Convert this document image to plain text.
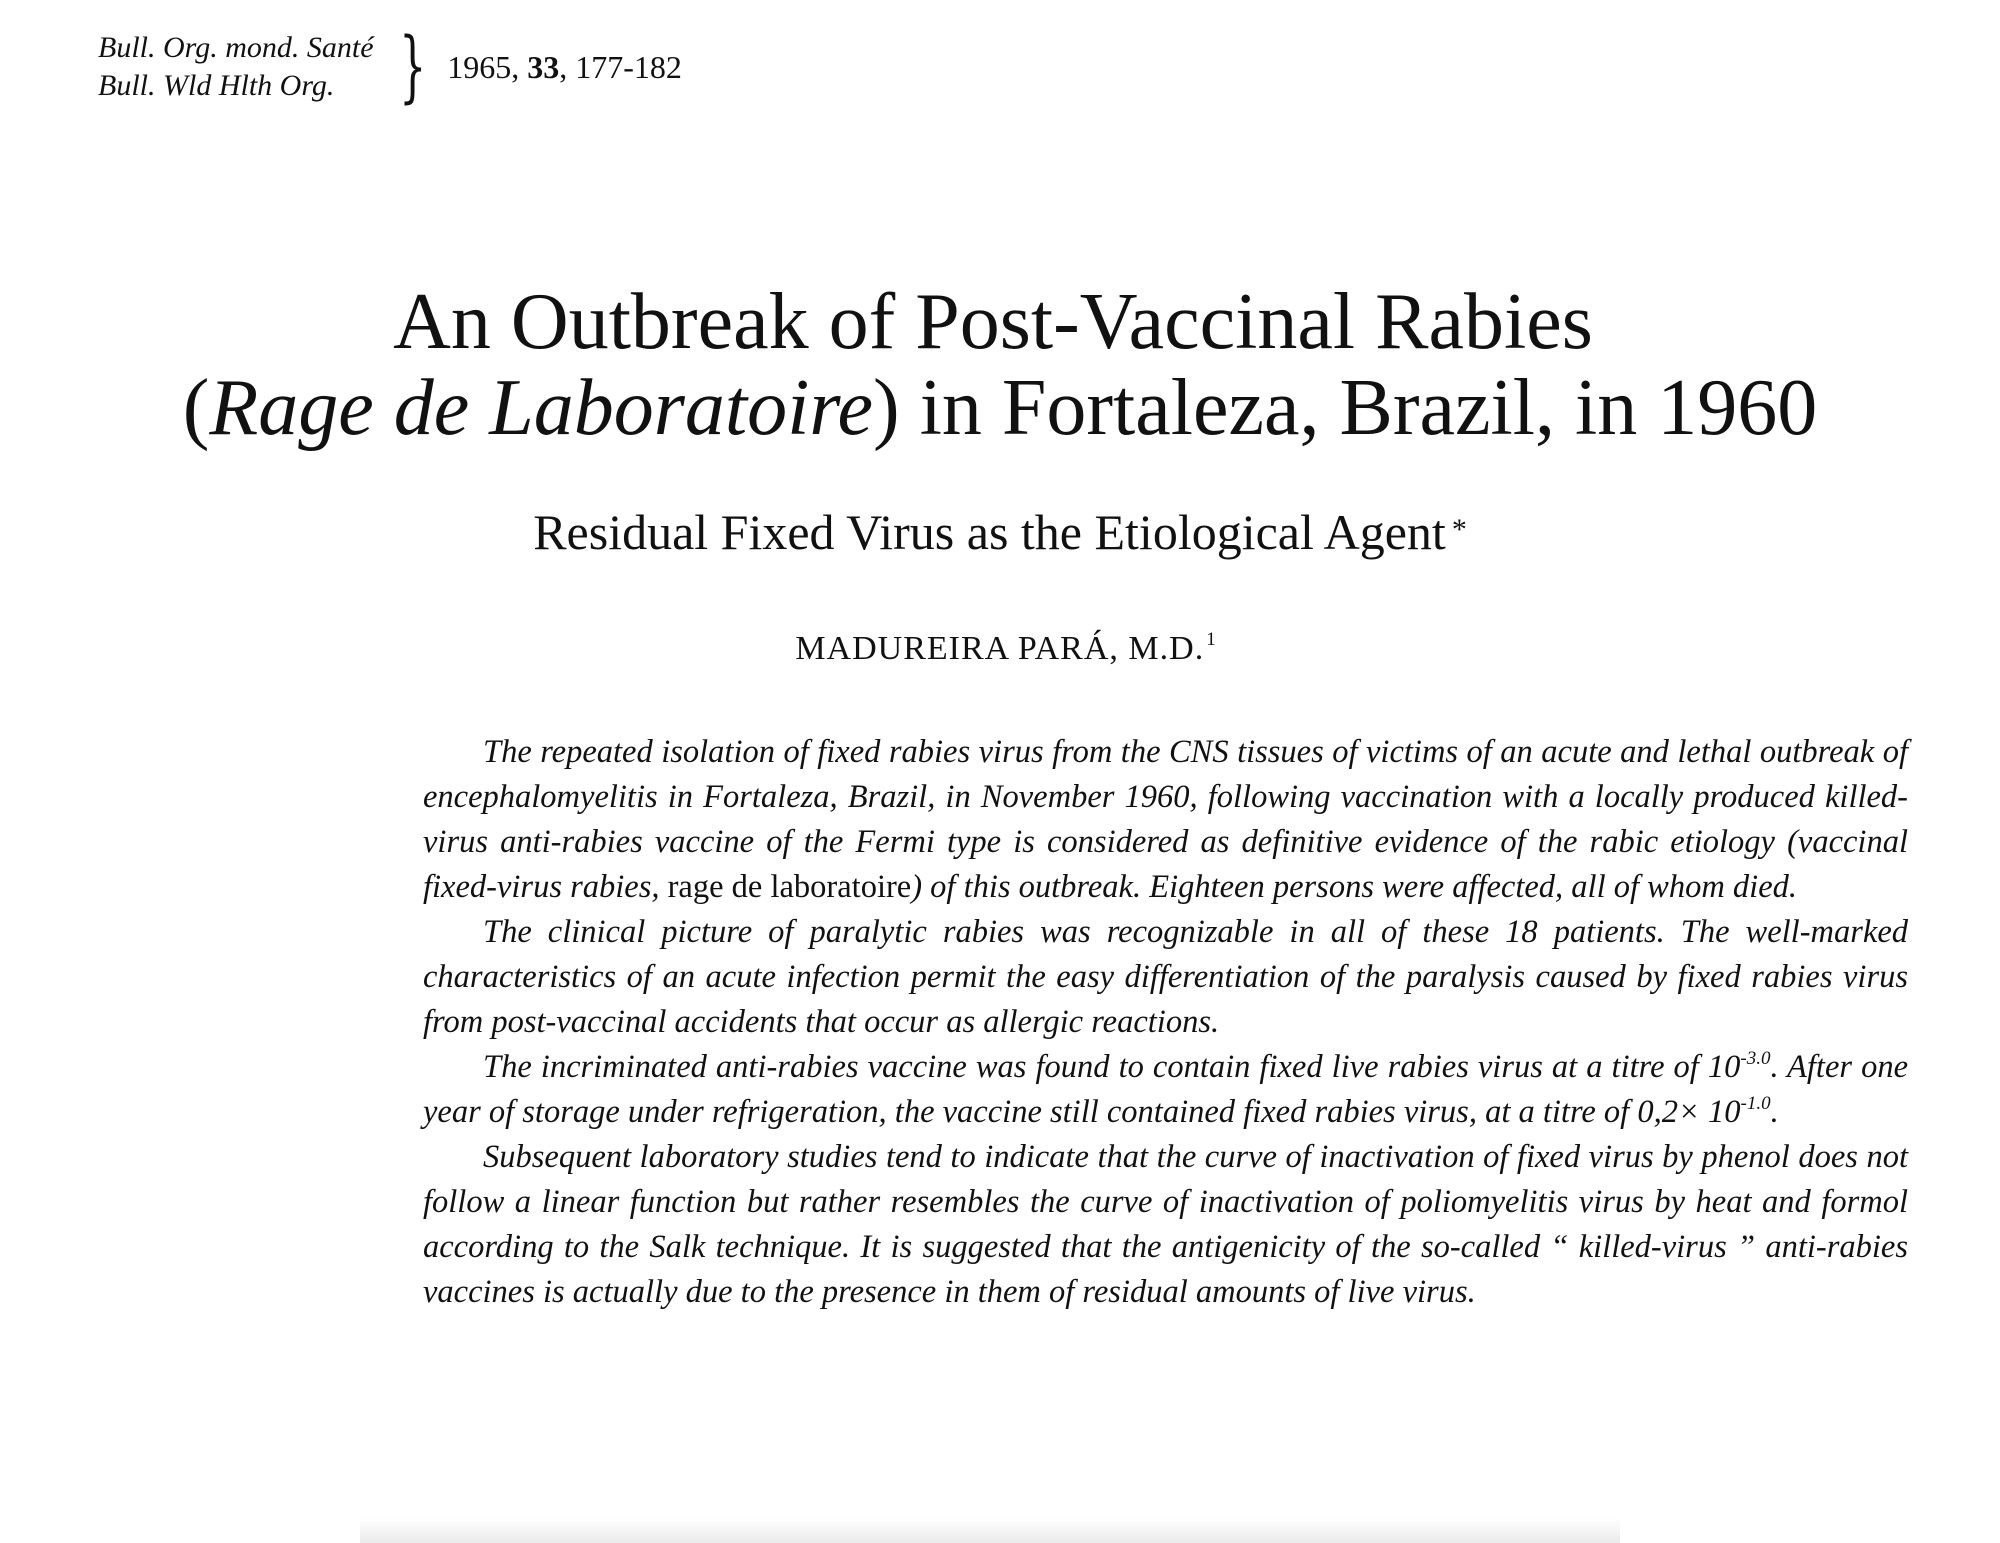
Bull. Org. mond. Santé
Bull. Wld Hlth Org. } 1965, 33, 177-182
An Outbreak of Post-Vaccinal Rabies
(Rage de Laboratoire) in Fortaleza, Brazil, in 1960
Residual Fixed Virus as the Etiological Agent *
MADUREIRA PARÁ, M.D. $^1$

The repeated isolation of fixed rabies virus from the CNS tissues of victims of an acute and lethal outbreak of encephalomyelitis in Fortaleza, Brazil, in November 1960, following vaccination with a locally produced killed-virus anti-rabies vaccine of the Fermi type is considered as definitive evidence of the rabic etiology (vaccinal fixed-virus rabies, rage de laboratoire) of this outbreak. Eighteen persons were affected, all of whom died.

The clinical picture of paralytic rabies was recognizable in all of these 18 patients. The well-marked characteristics of an acute infection permit the easy differentiation of the paralysis caused by fixed rabies virus from post-vaccinal accidents that occur as allergic reactions.

The incriminated anti-rabies vaccine was found to contain fixed live rabies virus at a titre of $10^{-3.0}$. After one year of storage under refrigeration, the vaccine still contained fixed rabies virus, at a titre of $0,2\times 10^{-1.0}$.

Subsequent laboratory studies tend to indicate that the curve of inactivation of fixed virus by phenol does not follow a linear function but rather resembles the curve of inactivation of poliomyelitis virus by heat and formol according to the Salk technique. It is suggested that the antigenicity of the so-called “ killed-virus ” anti-rabies vaccines is actually due to the presence in them of residual amounts of live virus.
